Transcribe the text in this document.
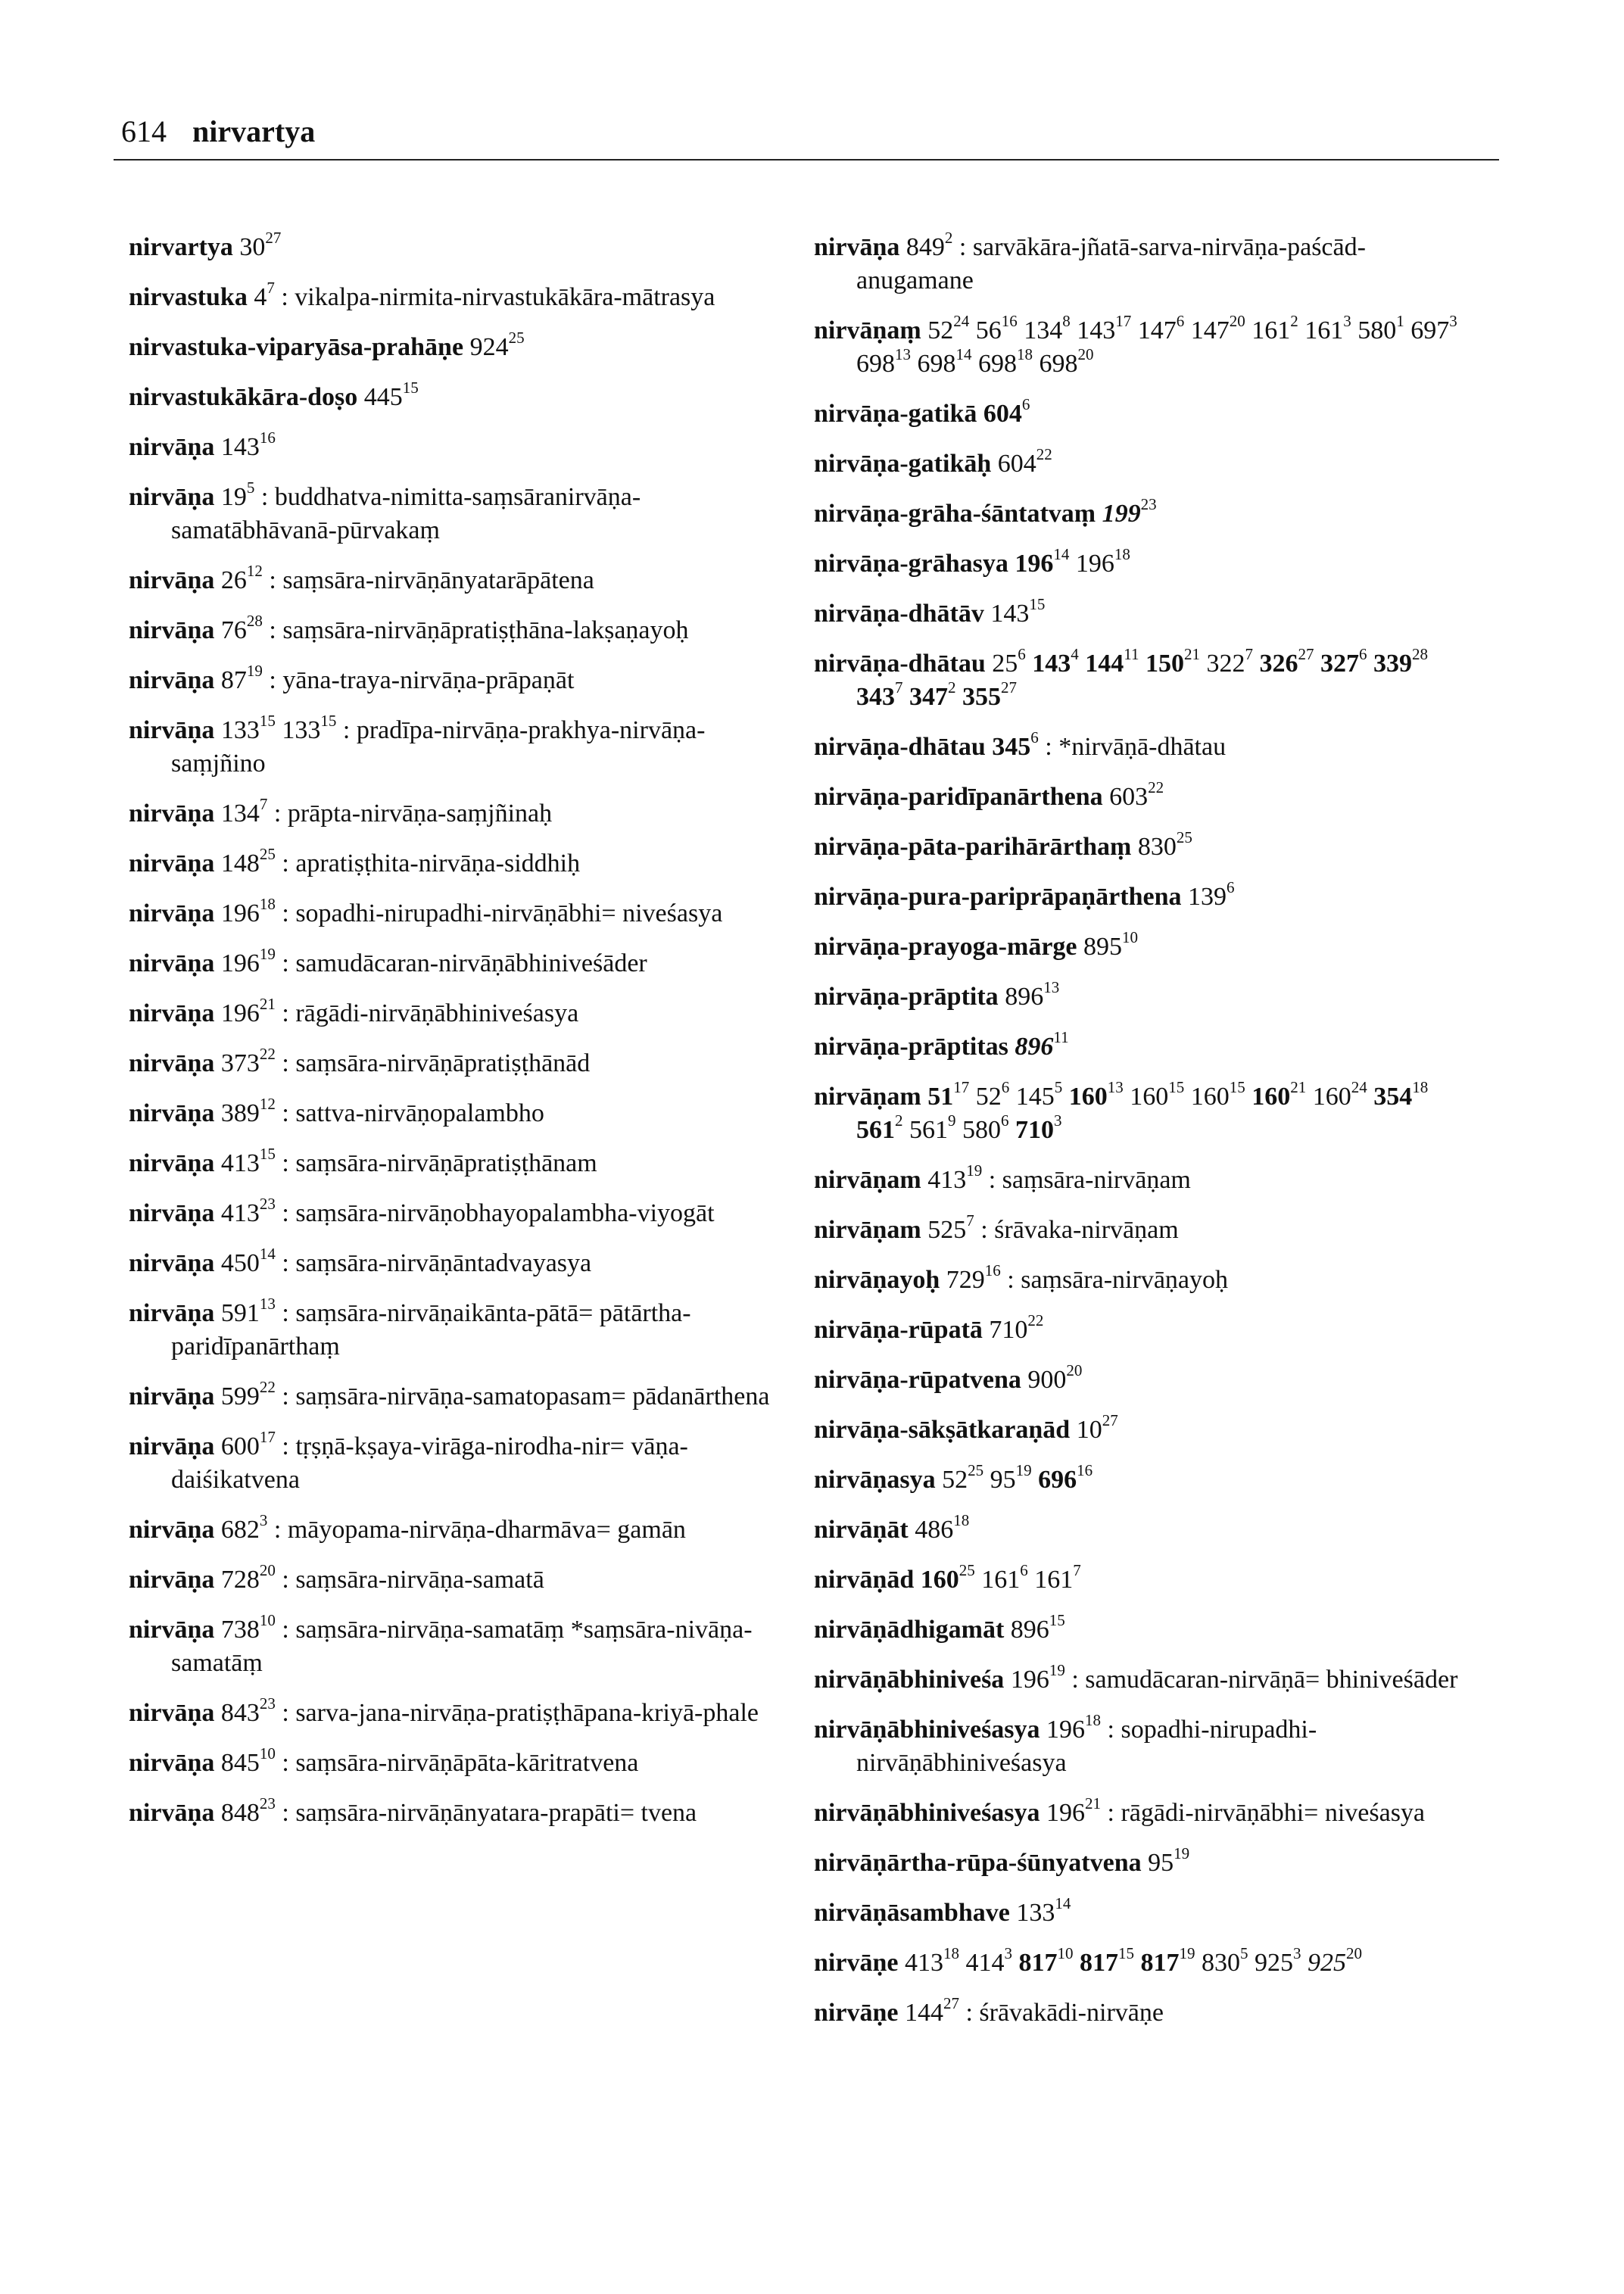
614 nirvartya
nirvartya $30^{27}$
nirvastuka $4^7$ : vikalpa-nirmita-nirvastukākāra-mātrasya
nirvastuka-viparyāsa-prahāṇe $924^{25}$
nirvastukākāra-doṣo $445^{15}$
nirvāṇa $143^{16}$
nirvāṇa $19^5$ : buddhatva-nimitta-saṃsāranirvāṇa-samatābhāvanā-pūrvakaṃ
nirvāṇa $26^{12}$ : saṃsāra-nirvāṇānyatarāpātena
nirvāṇa $76^{28}$ : saṃsāra-nirvāṇāpratiṣṭhāna-lakṣaṇayoḥ
nirvāṇa $87^{19}$ : yāna-traya-nirvāṇa-prāpaṇāt
nirvāṇa $133^{15}$ $133^{15}$ : pradīpa-nirvāṇa-prakhya-nirvāṇa-saṃjñino
nirvāṇa $134^7$ : prāpta-nirvāṇa-saṃjñinaḥ
nirvāṇa $148^{25}$ : apratiṣṭhita-nirvāṇa-siddhiḥ
nirvāṇa $196^{18}$ : sopadhi-nirupadhi-nirvāṇābhi= niveśasya
nirvāṇa $196^{19}$ : samudācaran-nirvāṇābhiniveśāder
nirvāṇa $196^{21}$ : rāgādi-nirvāṇābhiniveśasya
nirvāṇa $373^{22}$ : saṃsāra-nirvāṇāpratiṣṭhānād
nirvāṇa $389^{12}$ : sattva-nirvāṇopalambho
nirvāṇa $413^{15}$ : saṃsāra-nirvāṇāpratiṣṭhānam
nirvāṇa $413^{23}$ : saṃsāra-nirvāṇobhayopalambha-viyogāt
nirvāṇa $450^{14}$ : saṃsāra-nirvāṇāntadvayasya
nirvāṇa $591^{13}$ : saṃsāra-nirvāṇaikānta-pātā= pātārtha-paridīpanārthaṃ
nirvāṇa $599^{22}$ : saṃsāra-nirvāṇa-samatopasam= pādanārthena
nirvāṇa $600^{17}$ : tṛṣṇā-kṣaya-virāga-nirodha-nir= vāṇa-daiśikatvena
nirvāṇa $682^3$ : māyopama-nirvāṇa-dharmāva= gamān
nirvāṇa $728^{20}$ : saṃsāra-nirvāṇa-samatā
nirvāṇa $738^{10}$ : saṃsāra-nirvāṇa-samatāṃ *saṃsāra-nivāṇa-samatāṃ
nirvāṇa $843^{23}$ : sarva-jana-nirvāṇa-pratiṣṭhāpana-kriyā-phale
nirvāṇa $845^{10}$ : saṃsāra-nirvāṇāpāta-kāritratvena
nirvāṇa $848^{23}$ : saṃsāra-nirvāṇānyatara-prapāti= tvena
nirvāṇa $849^2$ : sarvākāra-jñatā-sarva-nirvāṇa-paścād-anugamane
nirvāṇaṃ $52^{24}$ $56^{16}$ $134^8$ $143^{17}$ $147^6$ $147^{20}$ $161^2$ $161^3$ $580^1$ $697^3$ $698^{13}$ $698^{14}$ $698^{18}$ $698^{20}$
nirvāṇa-gatikā $604^6$
nirvāṇa-gatikāḥ $604^{22}$
nirvāṇa-grāha-śāntatvaṃ $199^{23}$
nirvāṇa-grāhasya $196^{14}$ $196^{18}$
nirvāṇa-dhātāv $143^{15}$
nirvāṇa-dhātau $25^6$ $143^4$ $144^{11}$ $150^{21}$ $322^7$ $326^{27}$ $327^6$ $339^{28}$ $343^7$ $347^2$ $355^{27}$
nirvāṇa-dhātau $345^6$ : *nirvāṇā-dhātau
nirvāṇa-paridīpanārthena $603^{22}$
nirvāṇa-pāta-parihārārthaṃ $830^{25}$
nirvāṇa-pura-pariprāpaṇārthena $139^6$
nirvāṇa-prayoga-mārge $895^{10}$
nirvāṇa-prāptita $896^{13}$
nirvāṇa-prāptitas $896^{11}$
nirvāṇam $51^{17}$ $52^6$ $145^5$ $160^{13}$ $160^{15}$ $160^{15}$ $160^{21}$ $160^{24}$ $354^{18}$ $561^2$ $561^9$ $580^6$ $710^3$
nirvāṇam $413^{19}$ : saṃsāra-nirvāṇam
nirvāṇam $525^7$ : śrāvaka-nirvāṇam
nirvāṇayoḥ $729^{16}$ : saṃsāra-nirvāṇayoḥ
nirvāṇa-rūpatā $710^{22}$
nirvāṇa-rūpatvena $900^{20}$
nirvāṇa-sākṣātkaraṇād $10^{27}$
nirvāṇasya $52^{25}$ $95^{19}$ $696^{16}$
nirvāṇāt $486^{18}$
nirvāṇād $160^{25}$ $161^6$ $161^7$
nirvāṇādhigamāt $896^{15}$
nirvāṇābhiniveśa $196^{19}$ : samudācaran-nirvāṇā= bhiniveśāder
nirvāṇābhiniveśasya $196^{18}$ : sopadhi-nirupadhi-nirvāṇābhiniveśasya
nirvāṇābhiniveśasya $196^{21}$ : rāgādi-nirvāṇābhi= niveśasya
nirvāṇārtha-rūpa-śūnyatvena $95^{19}$
nirvāṇāsambhave $133^{14}$
nirvāṇe $413^{18}$ $414^3$ $817^{10}$ $817^{15}$ $817^{19}$ $830^5$ $925^3$ $925^{20}$
nirvāṇe $144^{27}$ : śrāvakādi-nirvāṇe
